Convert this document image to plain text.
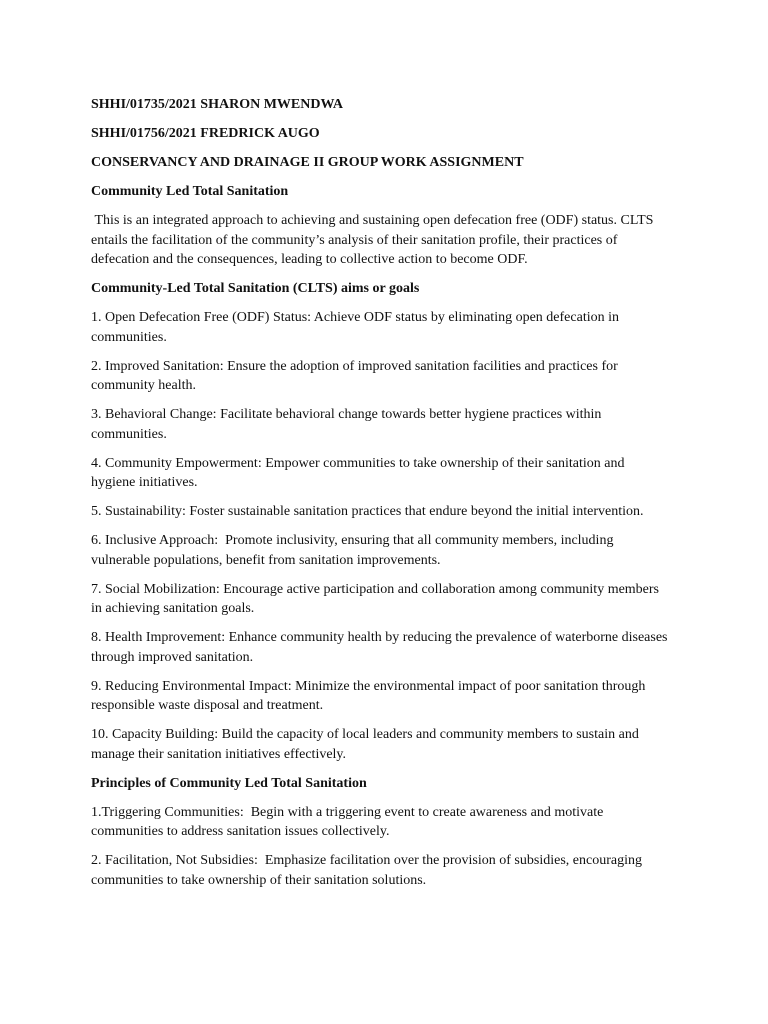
SHHI/01735/2021 SHARON MWENDWA

SHHI/01756/2021 FREDRICK AUGO

CONSERVANCY AND DRAINAGE II GROUP WORK ASSIGNMENT

Community Led Total Sanitation

This is an integrated approach to achieving and sustaining open defecation free (ODF) status. CLTS entails the facilitation of the community’s analysis of their sanitation profile, their practices of defecation and the consequences, leading to collective action to become ODF.

Community-Led Total Sanitation (CLTS) aims or goals

1. Open Defecation Free (ODF) Status: Achieve ODF status by eliminating open defecation in communities.

2. Improved Sanitation: Ensure the adoption of improved sanitation facilities and practices for community health.

3. Behavioral Change: Facilitate behavioral change towards better hygiene practices within communities.

4. Community Empowerment: Empower communities to take ownership of their sanitation and hygiene initiatives.

5. Sustainability: Foster sustainable sanitation practices that endure beyond the initial intervention.

6. Inclusive Approach:  Promote inclusivity, ensuring that all community members, including vulnerable populations, benefit from sanitation improvements.

7. Social Mobilization: Encourage active participation and collaboration among community members in achieving sanitation goals.

8. Health Improvement: Enhance community health by reducing the prevalence of waterborne diseases through improved sanitation.

9. Reducing Environmental Impact: Minimize the environmental impact of poor sanitation through responsible waste disposal and treatment.

10. Capacity Building: Build the capacity of local leaders and community members to sustain and manage their sanitation initiatives effectively.

Principles of Community Led Total Sanitation

1.Triggering Communities:  Begin with a triggering event to create awareness and motivate communities to address sanitation issues collectively.

2. Facilitation, Not Subsidies:  Emphasize facilitation over the provision of subsidies, encouraging communities to take ownership of their sanitation solutions.
